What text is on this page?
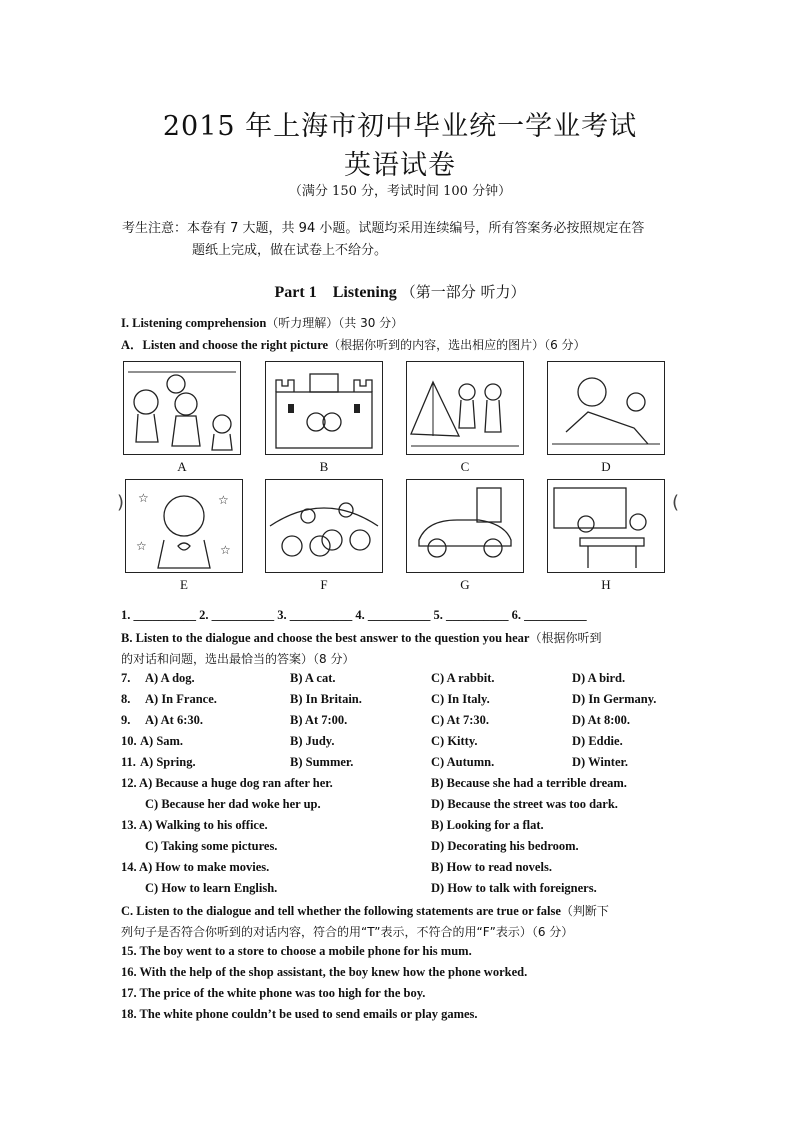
2015 年上海市初中毕业统一学业考试
英语试卷
（满分 150 分，考试时间 100 分钟）
考生注意：本卷有 7 大题，共 94 小题。试题均采用连续编号，所有答案务必按照规定在答
题纸上完成，做在试卷上不给分。
Part 1    Listening （第一部分 听力）
I. Listening comprehension（听力理解）（共 30 分）
A．Listen and choose the right picture（根据你听到的内容，选出相应的图片）（6 分）
A	B	C	D
) ☆	☆
☆	☆
(
E	F	G	H
1. __________ 2. __________ 3. __________ 4. __________ 5. __________ 6. __________
B. Listen to the dialogue and choose the best answer to the question you hear（根据你听到
的对话和问题，选出最恰当的答案）（8 分）
7. A) A dog.	B) A cat.	C) A rabbit.	D) A bird.
8. A) In France.	B) In Britain.	C) In Italy.	D) In Germany.
9. A) At 6:30.	B) At 7:00.	C) At 7:30.	D) At 8:00.
10. A) Sam.	B) Judy.	C) Kitty.	D) Eddie.
11. A) Spring.	B) Summer.	C) Autumn.	D) Winter.
12. A) Because a huge dog ran after her.	B) Because she had a terrible dream.
C) Because her dad woke her up.	D) Because the street was too dark.
13. A) Walking to his office.	B) Looking for a flat.
C) Taking some pictures.	D) Decorating his bedroom.
14. A) How to make movies.	B) How to read novels.
C) How to learn English.	D) How to talk with foreigners.
C. Listen to the dialogue and tell whether the following statements are true or false（判断下
列句子是否符合你听到的对话内容，符合的用“T”表示，不符合的用“F”表示）（6 分）
15. The boy went to a store to choose a mobile phone for his mum.
16. With the help of the shop assistant, the boy knew how the phone worked.
17. The price of the white phone was too high for the boy.
18. The white phone couldn’t be used to send emails or play games.
